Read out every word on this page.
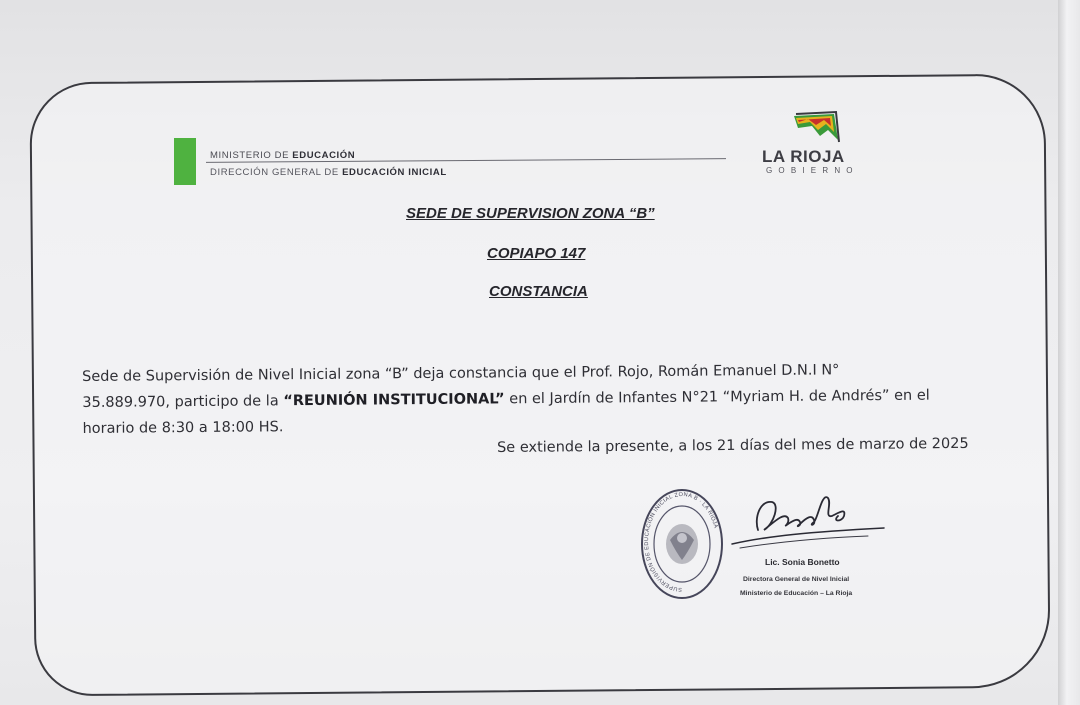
MINISTERIO DE EDUCACIÓN
DIRECCIÓN GENERAL DE EDUCACIÓN INICIAL
LA RIOJA
GOBIERNO
SEDE DE SUPERVISION ZONA “B”
COPIAPO 147
CONSTANCIA
Sede de Supervisión de Nivel Inicial zona “B” deja constancia que el Prof. Rojo, Román Emanuel D.N.I N°
35.889.970, participo de la “REUNIÓN INSTITUCIONAL” en el Jardín de Infantes N°21 “Myriam H. de Andrés” en el
horario de 8:30 a 18:00 HS.
Se extiende la presente, a los 21 días del mes de marzo de 2025
SUPERVISIÓN DE EDUCACIÓN INICIAL ZONA B · LA RIOJA
Lic. Sonia Bonetto
Directora General de Nivel Inicial
Ministerio de Educación – La Rioja
